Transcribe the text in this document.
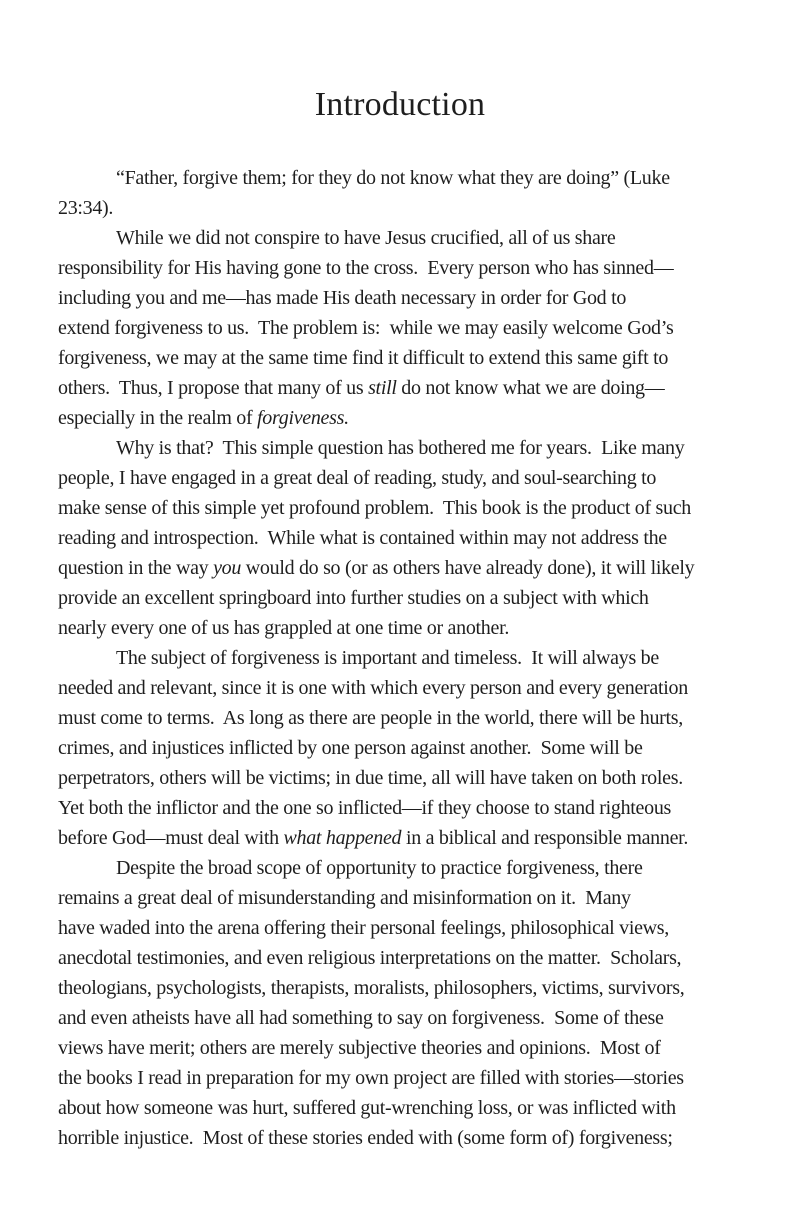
Introduction

“Father, forgive them; for they do not know what they are doing” (Luke
23:34).

While we did not conspire to have Jesus crucified, all of us share
responsibility for His having gone to the cross.  Every person who has sinned—
including you and me—has made His death necessary in order for God to
extend forgiveness to us.  The problem is:  while we may easily welcome God’s
forgiveness, we may at the same time find it difficult to extend this same gift to
others.  Thus, I propose that many of us still do not know what we are doing—
especially in the realm of forgiveness.

Why is that?  This simple question has bothered me for years.  Like many
people, I have engaged in a great deal of reading, study, and soul-searching to
make sense of this simple yet profound problem.  This book is the product of such
reading and introspection.  While what is contained within may not address the
question in the way you would do so (or as others have already done), it will likely
provide an excellent springboard into further studies on a subject with which
nearly every one of us has grappled at one time or another.

The subject of forgiveness is important and timeless.  It will always be
needed and relevant, since it is one with which every person and every generation
must come to terms.  As long as there are people in the world, there will be hurts,
crimes, and injustices inflicted by one person against another.  Some will be
perpetrators, others will be victims; in due time, all will have taken on both roles.
Yet both the inflictor and the one so inflicted—if they choose to stand righteous
before God—must deal with what happened in a biblical and responsible manner.

Despite the broad scope of opportunity to practice forgiveness, there
remains a great deal of misunderstanding and misinformation on it.  Many
have waded into the arena offering their personal feelings, philosophical views,
anecdotal testimonies, and even religious interpretations on the matter.  Scholars,
theologians, psychologists, therapists, moralists, philosophers, victims, survivors,
and even atheists have all had something to say on forgiveness.  Some of these
views have merit; others are merely subjective theories and opinions.  Most of
the books I read in preparation for my own project are filled with stories—stories
about how someone was hurt, suffered gut-wrenching loss, or was inflicted with
horrible injustice.  Most of these stories ended with (some form of) forgiveness;
